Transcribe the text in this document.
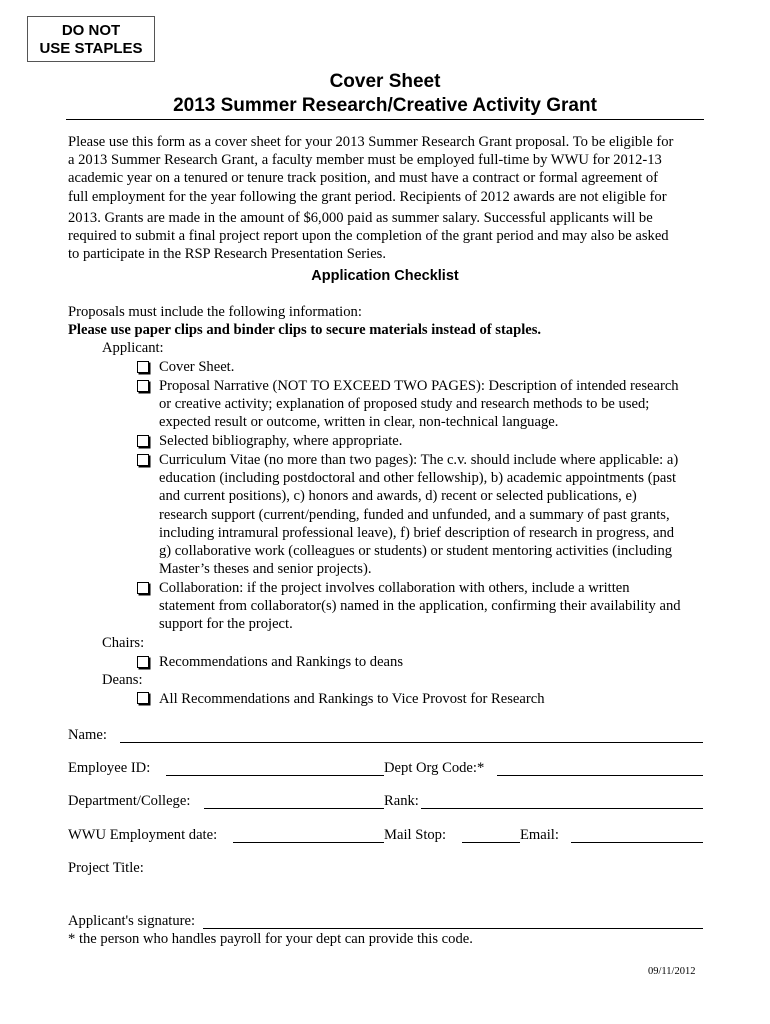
DO NOT
USE STAPLES
Cover Sheet
2013 Summer Research/Creative Activity Grant
Please use this form as a cover sheet for your 2013 Summer Research Grant proposal. To be eligible for
a 2013 Summer Research Grant, a faculty member must be employed full-time by WWU for 2012-13
academic year on a tenured or tenure track position, and must have a contract or formal agreement of
full employment for the year following the grant period. Recipients of 2012 awards are not eligible for
2013. Grants are made in the amount of $6,000 paid as summer salary. Successful applicants will be
required to submit a final project report upon the completion of the grant period and may also be asked
to participate in the RSP Research Presentation Series.
Application Checklist
Proposals must include the following information:
Please use paper clips and binder clips to secure materials instead of staples.
Applicant:
Cover Sheet.
Proposal Narrative (NOT TO EXCEED TWO PAGES): Description of intended research
or creative activity; explanation of proposed study and research methods to be used;
expected result or outcome, written in clear, non-technical language.
Selected bibliography, where appropriate.
Curriculum Vitae (no more than two pages): The c.v. should include where applicable: a)
education (including postdoctoral and other fellowship), b) academic appointments (past
and current positions), c) honors and awards, d) recent or selected publications, e)
research support (current/pending, funded and unfunded, and a summary of past grants,
including intramural professional leave), f) brief description of research in progress, and
g) collaborative work (colleagues or students) or student mentoring activities (including
Master’s theses and senior projects).
Collaboration: if the project involves collaboration with others, include a written
statement from collaborator(s) named in the application, confirming their availability and
support for the project.
Chairs:
Recommendations and Rankings to deans
Deans:
All Recommendations and Rankings to Vice Provost for Research
Name:
Employee ID:	Dept Org Code:*
Department/College:	Rank:
WWU Employment date:	Mail Stop:	Email:
Project Title:
Applicant's signature:
* the person who handles payroll for your dept can provide this code.
09/11/2012
